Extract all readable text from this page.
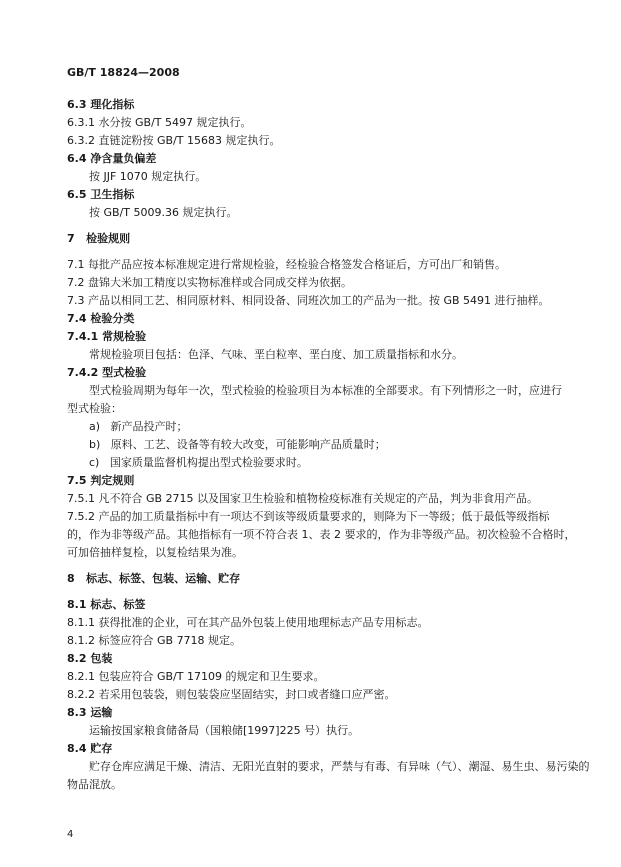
GB/T 18824—2008

6.3 理化指标

6.3.1 水分按 GB/T 5497 规定执行。

6.3.2 直链淀粉按 GB/T 15683 规定执行。

6.4 净含量负偏差

按 JJF 1070 规定执行。

6.5 卫生指标

按 GB/T 5009.36 规定执行。

7 检验规则

7.1 每批产品应按本标准规定进行常规检验，经检验合格签发合格证后，方可出厂和销售。

7.2 盘锦大米加工精度以实物标准样或合同成交样为依据。

7.3 产品以相同工艺、相同原材料、相同设备、同班次加工的产品为一批。按 GB 5491 进行抽样。

7.4 检验分类

7.4.1 常规检验

常规检验项目包括：色泽、气味、垩白粒率、垩白度、加工质量指标和水分。

7.4.2 型式检验

型式检验周期为每年一次，型式检验的检验项目为本标准的全部要求。有下列情形之一时，应进行

型式检验：

a) 新产品投产时；

b) 原料、工艺、设备等有较大改变，可能影响产品质量时；

c) 国家质量监督机构提出型式检验要求时。

7.5 判定规则

7.5.1 凡不符合 GB 2715 以及国家卫生检验和植物检疫标准有关规定的产品，判为非食用产品。

7.5.2 产品的加工质量指标中有一项达不到该等级质量要求的，则降为下一等级；低于最低等级指标

的，作为非等级产品。其他指标有一项不符合表 1、表 2 要求的，作为非等级产品。初次检验不合格时，

可加倍抽样复检，以复检结果为准。

8 标志、标签、包装、运输、贮存

8.1 标志、标签

8.1.1 获得批准的企业，可在其产品外包装上使用地理标志产品专用标志。

8.1.2 标签应符合 GB 7718 规定。

8.2 包装

8.2.1 包装应符合 GB/T 17109 的规定和卫生要求。

8.2.2 若采用包装袋，则包装袋应坚固结实，封口或者缝口应严密。

8.3 运输

运输按国家粮食储备局（国粮储[1997]225 号）执行。

8.4 贮存

贮存仓库应满足干燥、清洁、无阳光直射的要求，严禁与有毒、有异味（气）、潮湿、易生虫、易污染的

物品混放。

4
